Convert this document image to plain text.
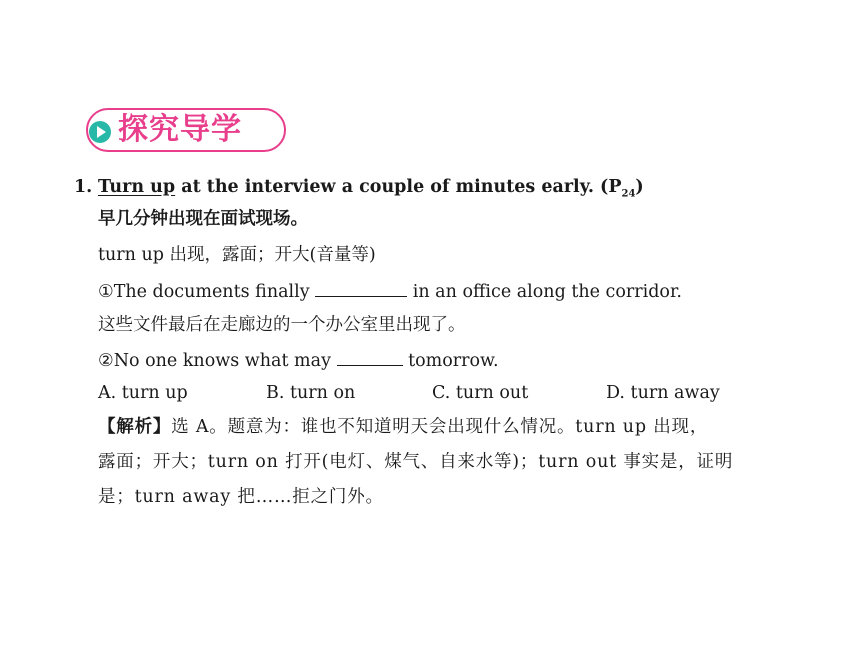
探究导学
1. Turn up at the interview a couple of minutes early. $(P_{24})$
早几分钟出现在面试现场。
turn up 出现，露面；开大(音量等)
①The documents finally	in an office along the corridor.
这些文件最后在走廊边的一个办公室里出现了。
②No one knows what may	tomorrow.
A. turn up	B. turn on	C. turn out	D. turn away
【解析】选 A。题意为：谁也不知道明天会出现什么情况。turn up 出现，
露面；开大；turn on 打开(电灯、煤气、自来水等)；turn out 事实是，证明
是；turn away 把……拒之门外。
